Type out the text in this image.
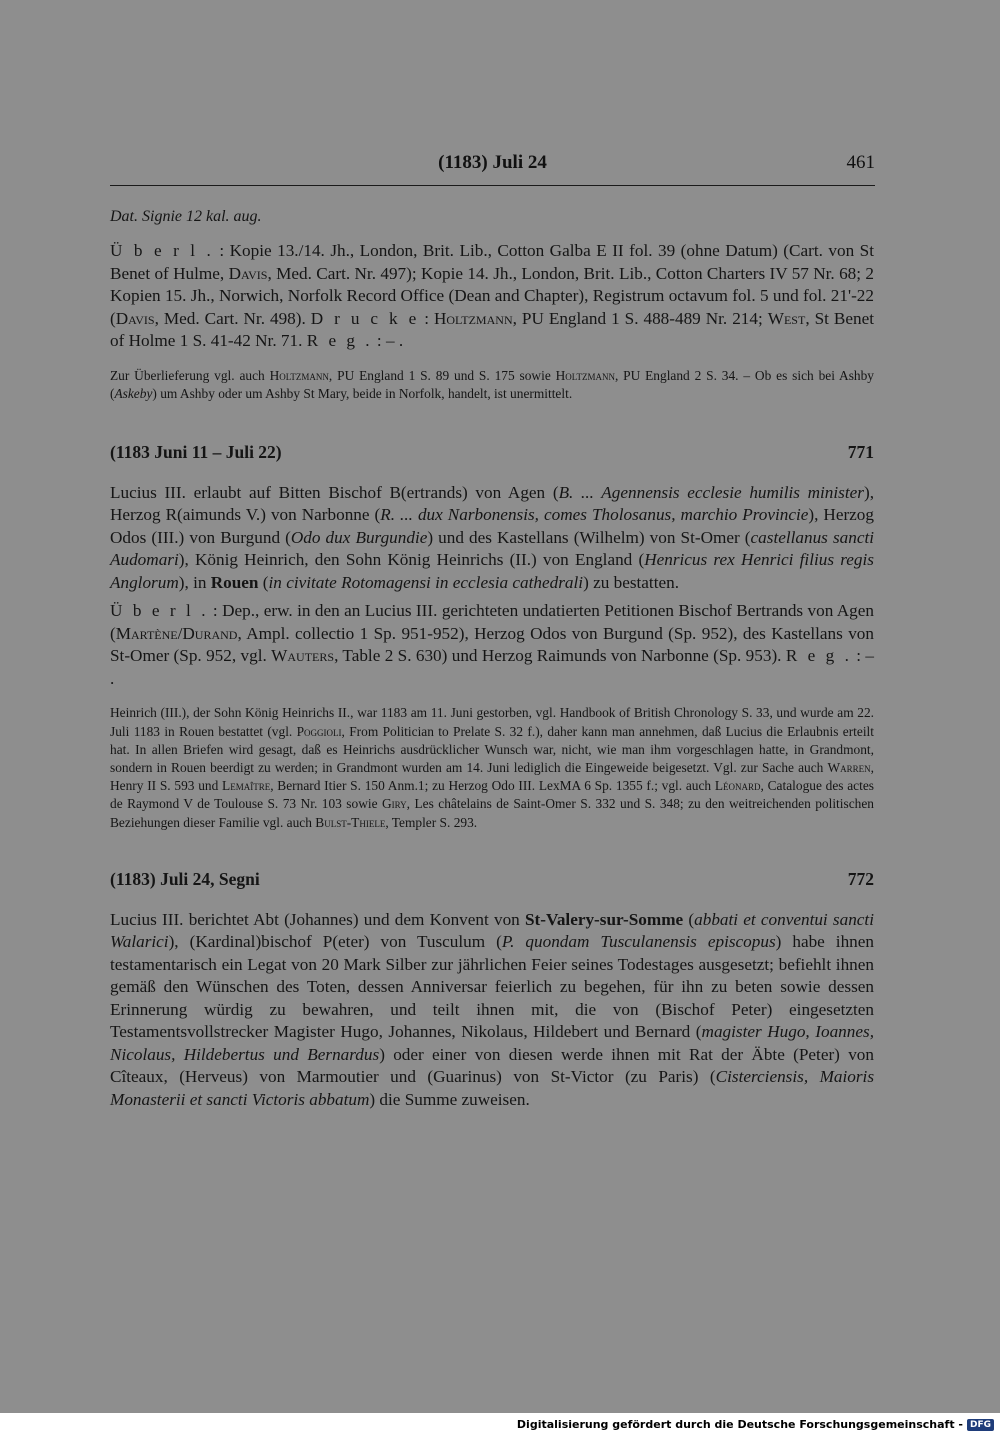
(1183) Juli 24	461
Dat. Signie 12 kal. aug.

Ü b e r l . : Kopie 13./14. Jh., London, Brit. Lib., Cotton Galba E II fol. 39 (ohne Datum) (Cart. von St Benet of Hulme, Davis, Med. Cart. Nr. 497); Kopie 14. Jh., London, Brit. Lib., Cotton Charters IV 57 Nr. 68; 2 Kopien 15. Jh., Norwich, Norfolk Record Office (Dean and Chapter), Registrum octavum fol. 5 und fol. 21'-22 (Davis, Med. Cart. Nr. 498). D r u c k e : Holtzmann, PU England 1 S. 488-489 Nr. 214; West, St Benet of Holme 1 S. 41-42 Nr. 71. R e g . : – .

Zur Überlieferung vgl. auch Holtzmann, PU England 1 S. 89 und S. 175 sowie Holtzmann, PU England 2 S. 34. – Ob es sich bei Ashby (Askeby) um Ashby oder um Ashby St Mary, beide in Norfolk, handelt, ist unermittelt.

(1183 Juni 11 – Juli 22)	771

Lucius III. erlaubt auf Bitten Bischof B(ertrands) von Agen (B. ... Agennensis ecclesie humilis minister), Herzog R(aimunds V.) von Narbonne (R. ... dux Narbonensis, comes Tholosanus, marchio Provincie), Herzog Odos (III.) von Burgund (Odo dux Burgundie) und des Kastellans (Wilhelm) von St-Omer (castellanus sancti Audomari), König Heinrich, den Sohn König Heinrichs (II.) von England (Henricus rex Henrici filius regis Anglorum), in Rouen (in civitate Rotomagensi in ecclesia cathedrali) zu bestatten.

Ü b e r l . : Dep., erw. in den an Lucius III. gerichteten undatierten Petitionen Bischof Bertrands von Agen (Martène/Durand, Ampl. collectio 1 Sp. 951-952), Herzog Odos von Burgund (Sp. 952), des Kastellans von St-Omer (Sp. 952, vgl. Wauters, Table 2 S. 630) und Herzog Raimunds von Narbonne (Sp. 953). R e g . : – .

Heinrich (III.), der Sohn König Heinrichs II., war 1183 am 11. Juni gestorben, vgl. Handbook of British Chronology S. 33, und wurde am 22. Juli 1183 in Rouen bestattet (vgl. Poggioli, From Politician to Prelate S. 32 f.), daher kann man annehmen, daß Lucius die Erlaubnis erteilt hat. In allen Briefen wird gesagt, daß es Heinrichs ausdrücklicher Wunsch war, nicht, wie man ihm vorgeschlagen hatte, in Grandmont, sondern in Rouen beerdigt zu werden; in Grandmont wurden am 14. Juni lediglich die Eingeweide beigesetzt. Vgl. zur Sache auch Warren, Henry II S. 593 und Lemaître, Bernard Itier S. 150 Anm.1; zu Herzog Odo III. LexMA 6 Sp. 1355 f.; vgl. auch Léonard, Catalogue des actes de Raymond V de Toulouse S. 73 Nr. 103 sowie Giry, Les châtelains de Saint-Omer S. 332 und S. 348; zu den weitreichenden politischen Beziehungen dieser Familie vgl. auch Bulst-Thiele, Templer S. 293.

(1183) Juli 24, Segni	772

Lucius III. berichtet Abt (Johannes) und dem Konvent von St-Valery-sur-Somme (abbati et conventui sancti Walarici), (Kardinal)bischof P(eter) von Tusculum (P. quondam Tusculanensis episcopus) habe ihnen testamentarisch ein Legat von 20 Mark Silber zur jährlichen Feier seines Todestages ausgesetzt; befiehlt ihnen gemäß den Wünschen des Toten, dessen Anniversar feierlich zu begehen, für ihn zu beten sowie dessen Erinnerung würdig zu bewahren, und teilt ihnen mit, die von (Bischof Peter) eingesetzten Testamentsvollstrecker Magister Hugo, Johannes, Nikolaus, Hildebert und Bernard (magister Hugo, Ioannes, Nicolaus, Hildebertus und Bernardus) oder einer von diesen werde ihnen mit Rat der Äbte (Peter) von Cîteaux, (Herveus) von Marmoutier und (Guarinus) von St-Victor (zu Paris) (Cisterciensis, Maioris Monasterii et sancti Victoris abbatum) die Summe zuweisen.

Digitalisierung gefördert durch die Deutsche Forschungsgemeinschaft - DFG
